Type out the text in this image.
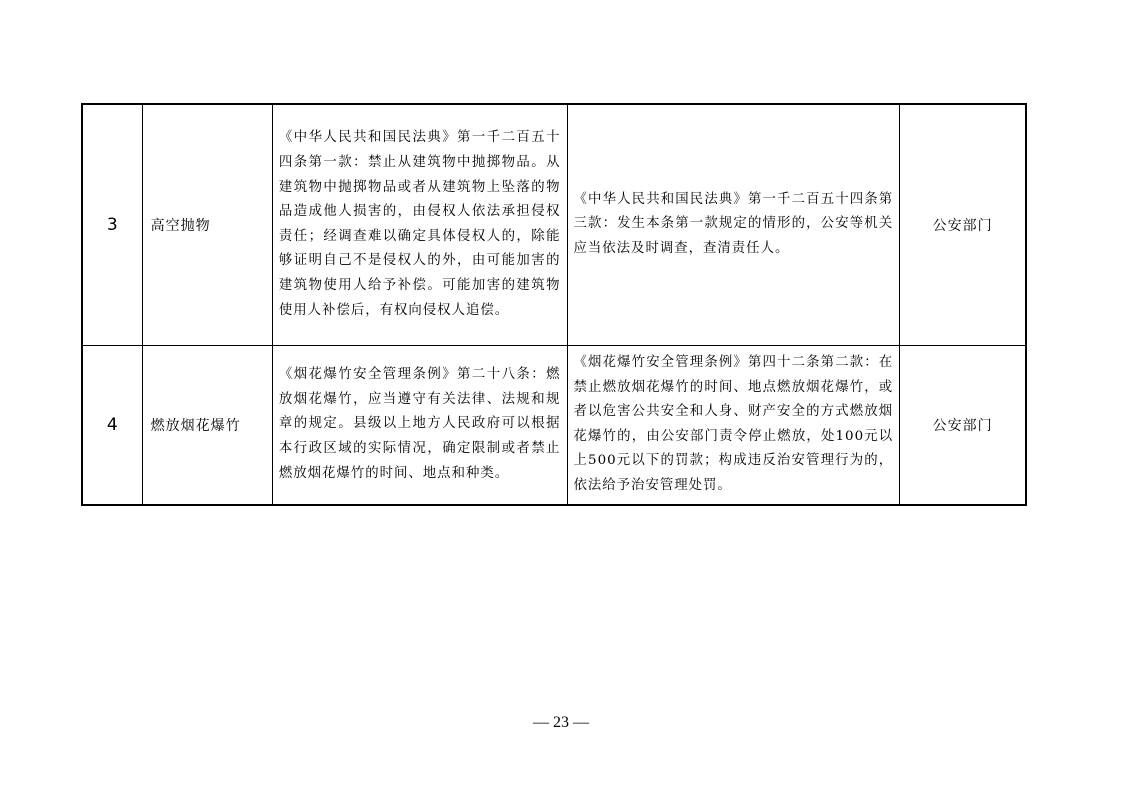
3	高空抛物	《中华人民共和国民法典》第一千二百五十四条第一款：禁止从建筑物中抛掷物品。从建筑物中抛掷物品或者从建筑物上坠落的物品造成他人损害的，由侵权人依法承担侵权责任；经调查难以确定具体侵权人的，除能够证明自己不是侵权人的外，由可能加害的建筑物使用人给予补偿。可能加害的建筑物使用人补偿后，有权向侵权人追偿。	《中华人民共和国民法典》第一千二百五十四条第三款：发生本条第一款规定的情形的，公安等机关应当依法及时调查，查清责任人。	公安部门
4	燃放烟花爆竹	《烟花爆竹安全管理条例》第二十八条：燃放烟花爆竹，应当遵守有关法律、法规和规章的规定。县级以上地方人民政府可以根据本行政区域的实际情况，确定限制或者禁止燃放烟花爆竹的时间、地点和种类。	《烟花爆竹安全管理条例》第四十二条第二款：在禁止燃放烟花爆竹的时间、地点燃放烟花爆竹，或者以危害公共安全和人身、财产安全的方式燃放烟花爆竹的，由公安部门责令停止燃放，处100元以上500元以下的罚款；构成违反治安管理行为的，依法给予治安管理处罚。	公安部门
— 23 —
